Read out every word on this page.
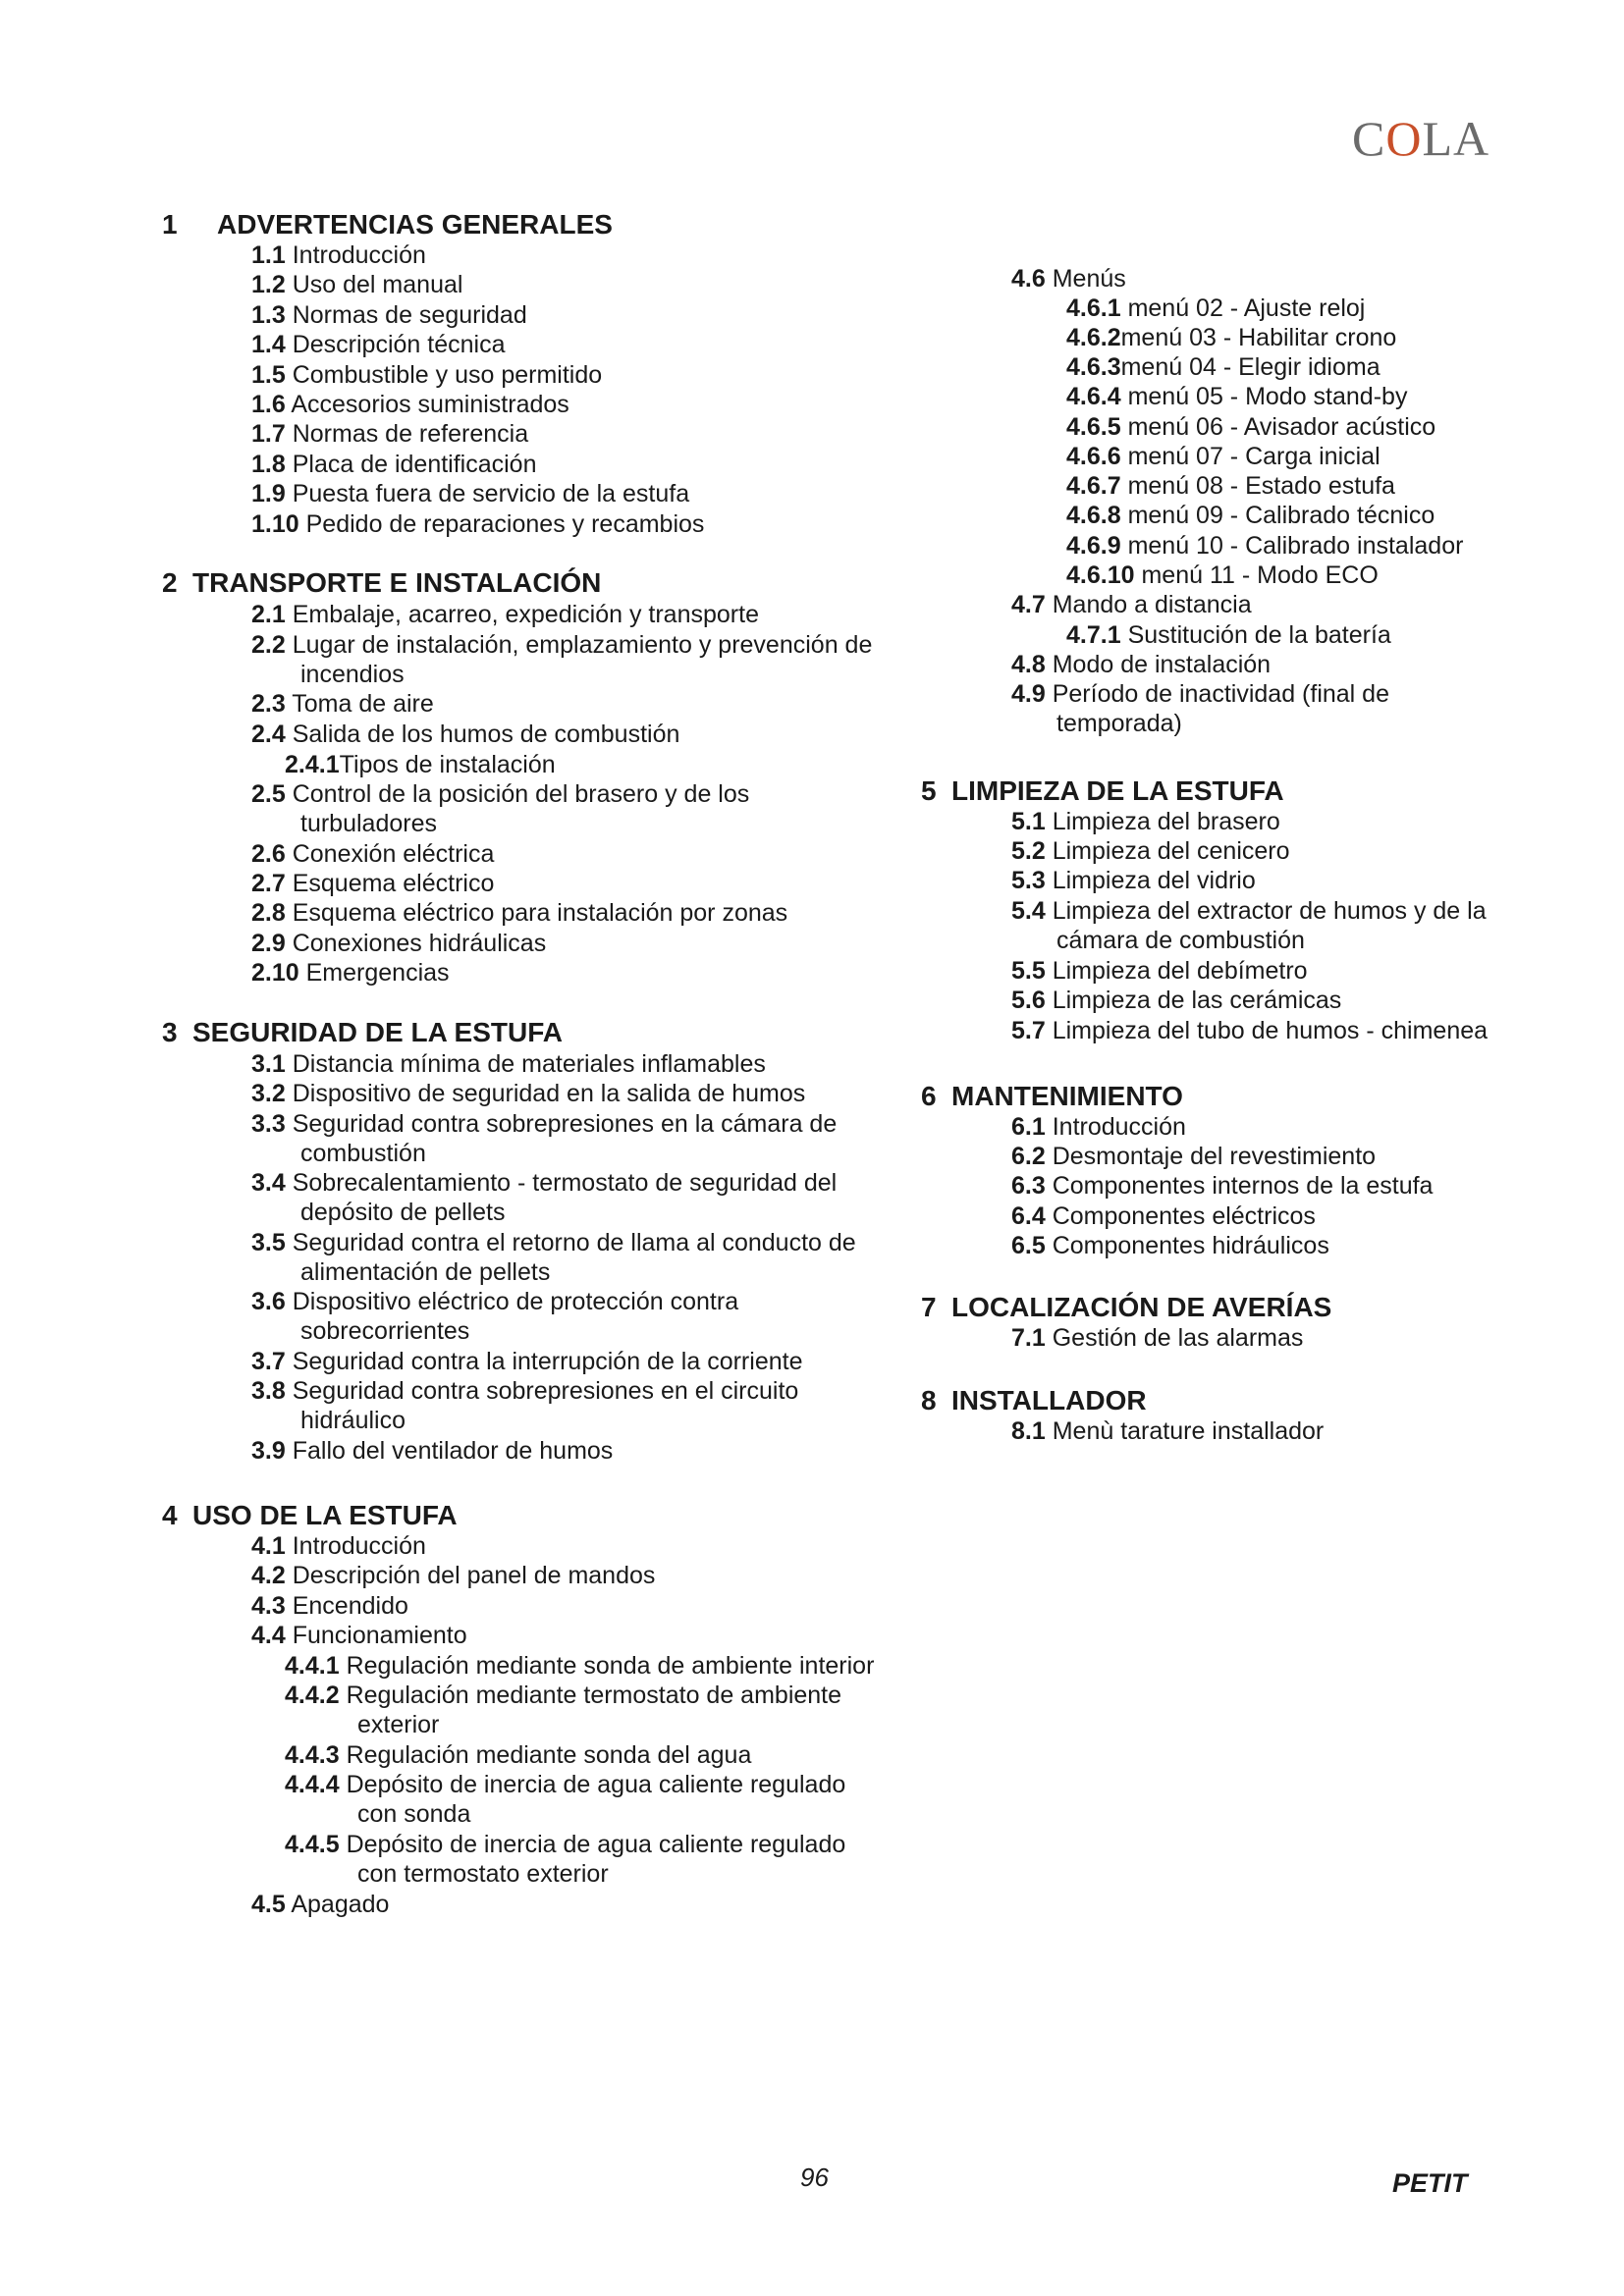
COLA
1 ADVERTENCIAS GENERALES
1.1 Introducción
1.2 Uso del manual
1.3 Normas de seguridad
1.4 Descripción técnica
1.5 Combustible y uso permitido
1.6 Accesorios suministrados
1.7 Normas de referencia
1.8 Placa de identificación
1.9 Puesta fuera de servicio de la estufa
1.10 Pedido de reparaciones y recambios
2 TRANSPORTE E INSTALACIÓN
2.1 Embalaje, acarreo, expedición y transporte
2.2 Lugar de instalación, emplazamiento y prevención de
incendios
2.3 Toma de aire
2.4 Salida de los humos de combustión
2.4.1Tipos de instalación
2.5 Control de la posición del brasero y de los
turbuladores
2.6 Conexión eléctrica
2.7 Esquema eléctrico
2.8 Esquema eléctrico para instalación por zonas
2.9 Conexiones hidráulicas
2.10 Emergencias
3 SEGURIDAD DE LA ESTUFA
3.1 Distancia mínima de materiales inflamables
3.2 Dispositivo de seguridad en la salida de humos
3.3 Seguridad contra sobrepresiones en la cámara de
combustión
3.4 Sobrecalentamiento - termostato de seguridad del
depósito de pellets
3.5 Seguridad contra el retorno de llama al conducto de
alimentación de pellets
3.6 Dispositivo eléctrico de protección contra
sobrecorrientes
3.7 Seguridad contra la interrupción de la corriente
3.8 Seguridad contra sobrepresiones en el circuito
hidráulico
3.9 Fallo del ventilador de humos
4 USO DE LA ESTUFA
4.1 Introducción
4.2 Descripción del panel de mandos
4.3 Encendido
4.4 Funcionamiento
4.4.1 Regulación mediante sonda de ambiente interior
4.4.2 Regulación mediante termostato de ambiente
exterior
4.4.3 Regulación mediante sonda del agua
4.4.4 Depósito de inercia de agua caliente regulado
con sonda
4.4.5 Depósito de inercia de agua caliente regulado
con termostato exterior
4.5 Apagado
4.6 Menús
4.6.1 menú 02 - Ajuste reloj
4.6.2menú 03 - Habilitar crono
4.6.3menú 04 - Elegir idioma
4.6.4 menú 05 - Modo stand-by
4.6.5 menú 06 - Avisador acústico
4.6.6 menú 07 - Carga inicial
4.6.7 menú 08 - Estado estufa
4.6.8 menú 09 - Calibrado técnico
4.6.9 menú 10 - Calibrado instalador
4.6.10 menú 11 - Modo ECO
4.7 Mando a distancia
4.7.1 Sustitución de la batería
4.8 Modo de instalación
4.9 Período de inactividad (final de
temporada)
5 LIMPIEZA DE LA ESTUFA
5.1 Limpieza del brasero
5.2 Limpieza del cenicero
5.3 Limpieza del vidrio
5.4 Limpieza del extractor de humos y de la
cámara de combustión
5.5 Limpieza del debímetro
5.6 Limpieza de las cerámicas
5.7 Limpieza del tubo de humos - chimenea
6 MANTENIMIENTO
6.1 Introducción
6.2 Desmontaje del revestimiento
6.3 Componentes internos de la estufa
6.4 Componentes eléctricos
6.5 Componentes hidráulicos
7 LOCALIZACIÓN DE AVERÍAS
7.1 Gestión de las alarmas
8 INSTALLADOR
8.1 Menù tarature installador
96	PETIT
